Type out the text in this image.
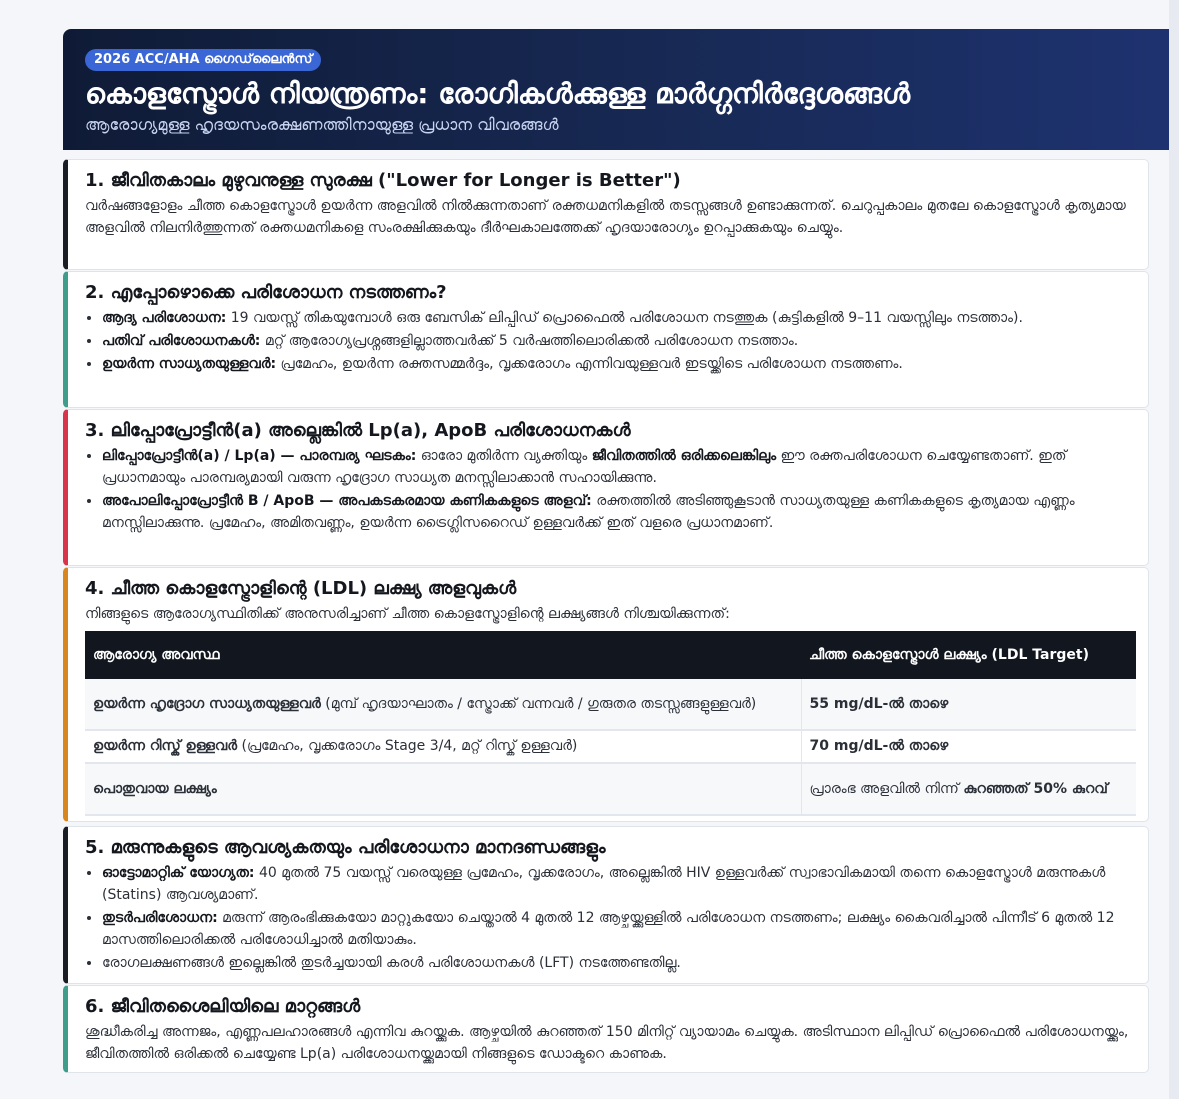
2026 ACC/AHA ഗൈഡ്‌ലൈൻസ്
കൊളസ്ട്രോൾ നിയന്ത്രണം: രോഗികൾക്കുള്ള മാർഗ്ഗനിർദ്ദേശങ്ങൾ
ആരോഗ്യമുള്ള ഹൃദയസംരക്ഷണത്തിനായുള്ള പ്രധാന വിവരങ്ങൾ
1. ജീവിതകാലം മുഴുവനുള്ള സുരക്ഷ ("Lower for Longer is Better")

വർഷങ്ങളോളം ചീത്ത കൊളസ്ട്രോൾ ഉയർന്ന അളവിൽ നിൽക്കുന്നതാണ് രക്തധമനികളിൽ തടസ്സങ്ങൾ ഉണ്ടാക്കുന്നത്. ചെറുപ്പകാലം മുതലേ കൊളസ്ട്രോൾ കൃത്യമായ അളവിൽ നിലനിർത്തുന്നത് രക്തധമനികളെ സംരക്ഷിക്കുകയും ദീർഘകാലത്തേക്ക് ഹൃദയാരോഗ്യം ഉറപ്പാക്കുകയും ചെയ്യും.

2. എപ്പോഴൊക്കെ പരിശോധന നടത്തണം?
• ആദ്യ പരിശോധന: 19 വയസ്സ് തികയുമ്പോൾ ഒരു ബേസിക് ലിപ്പിഡ് പ്രൊഫൈൽ പരിശോധന നടത്തുക (കുട്ടികളിൽ 9–11 വയസ്സിലും നടത്താം).
• പതിവ് പരിശോധനകൾ: മറ്റ് ആരോഗ്യപ്രശ്നങ്ങളില്ലാത്തവർക്ക് 5 വർഷത്തിലൊരിക്കൽ പരിശോധന നടത്താം.
• ഉയർന്ന സാധ്യതയുള്ളവർ: പ്രമേഹം, ഉയർന്ന രക്തസമ്മർദ്ദം, വൃക്കരോഗം എന്നിവയുള്ളവർ ഇടയ്ക്കിടെ പരിശോധന നടത്തണം.
3. ലിപ്പോപ്രോട്ടീൻ(a) അല്ലെങ്കിൽ Lp(a), ApoB പരിശോധനകൾ
• ലിപ്പോപ്രോട്ടീൻ(a) / Lp(a) — പാരമ്പര്യ ഘടകം: ഓരോ മുതിർന്ന വ്യക്തിയും ജീവിതത്തിൽ ഒരിക്കലെങ്കിലും ഈ രക്തപരിശോധന ചെയ്യേണ്ടതാണ്. ഇത് പ്രധാനമായും പാരമ്പര്യമായി വരുന്ന ഹൃദ്രോഗ സാധ്യത മനസ്സിലാക്കാൻ സഹായിക്കുന്നു.
• അപോലിപ്പോപ്രോട്ടീൻ B / ApoB — അപകടകരമായ കണികകളുടെ അളവ്: രക്തത്തിൽ അടിഞ്ഞുകൂടാൻ സാധ്യതയുള്ള കണികകളുടെ കൃത്യമായ എണ്ണം മനസ്സിലാക്കുന്നു. പ്രമേഹം, അമിതവണ്ണം, ഉയർന്ന ട്രൈഗ്ലിസറൈഡ് ഉള്ളവർക്ക് ഇത് വളരെ പ്രധാനമാണ്.
4. ചീത്ത കൊളസ്ട്രോളിന്റെ (LDL) ലക്ഷ്യ അളവുകൾ

നിങ്ങളുടെ ആരോഗ്യസ്ഥിതിക്ക് അനുസരിച്ചാണ് ചീത്ത കൊളസ്ട്രോളിന്റെ ലക്ഷ്യങ്ങൾ നിശ്ചയിക്കുന്നത്:

ആരോഗ്യ അവസ്ഥ	ചീത്ത കൊളസ്ട്രോൾ ലക്ഷ്യം (LDL Target)
ഉയർന്ന ഹൃദ്രോഗ സാധ്യതയുള്ളവർ (മുമ്പ് ഹൃദയാഘാതം / സ്ട്രോക്ക് വന്നവർ / ഗുരുതര തടസ്സങ്ങളുള്ളവർ)	55 mg/dL-ൽ താഴെ
ഉയർന്ന റിസ്ക് ഉള്ളവർ (പ്രമേഹം, വൃക്കരോഗം Stage 3/4, മറ്റ് റിസ്ക് ഉള്ളവർ)	70 mg/dL-ൽ താഴെ
പൊതുവായ ലക്ഷ്യം	പ്രാരംഭ അളവിൽ നിന്ന് കുറഞ്ഞത് 50% കുറവ്
5. മരുന്നുകളുടെ ആവശ്യകതയും പരിശോധനാ മാനദണ്ഡങ്ങളും
• ഓട്ടോമാറ്റിക് യോഗ്യത: 40 മുതൽ 75 വയസ്സ് വരെയുള്ള പ്രമേഹം, വൃക്കരോഗം, അല്ലെങ്കിൽ HIV ഉള്ളവർക്ക് സ്വാഭാവികമായി തന്നെ കൊളസ്ട്രോൾ മരുന്നുകൾ (Statins) ആവശ്യമാണ്.
• തുടർപരിശോധന: മരുന്ന് ആരംഭിക്കുകയോ മാറ്റുകയോ ചെയ്താൽ 4 മുതൽ 12 ആഴ്ചയ്ക്കുള്ളിൽ പരിശോധന നടത്തണം; ലക്ഷ്യം കൈവരിച്ചാൽ പിന്നീട് 6 മുതൽ 12 മാസത്തിലൊരിക്കൽ പരിശോധിച്ചാൽ മതിയാകും.
• രോഗലക്ഷണങ്ങൾ ഇല്ലെങ്കിൽ തുടർച്ചയായി കരൾ പരിശോധനകൾ (LFT) നടത്തേണ്ടതില്ല.
6. ജീവിതശൈലിയിലെ മാറ്റങ്ങൾ

ശുദ്ധീകരിച്ച അന്നജം, എണ്ണപലഹാരങ്ങൾ എന്നിവ കുറയ്ക്കുക. ആഴ്ചയിൽ കുറഞ്ഞത് 150 മിനിറ്റ് വ്യായാമം ചെയ്യുക. അടിസ്ഥാന ലിപ്പിഡ് പ്രൊഫൈൽ പരിശോധനയ്ക്കും, ജീവിതത്തിൽ ഒരിക്കൽ ചെയ്യേണ്ട Lp(a) പരിശോധനയ്ക്കുമായി നിങ്ങളുടെ ഡോക്ടറെ കാണുക.
